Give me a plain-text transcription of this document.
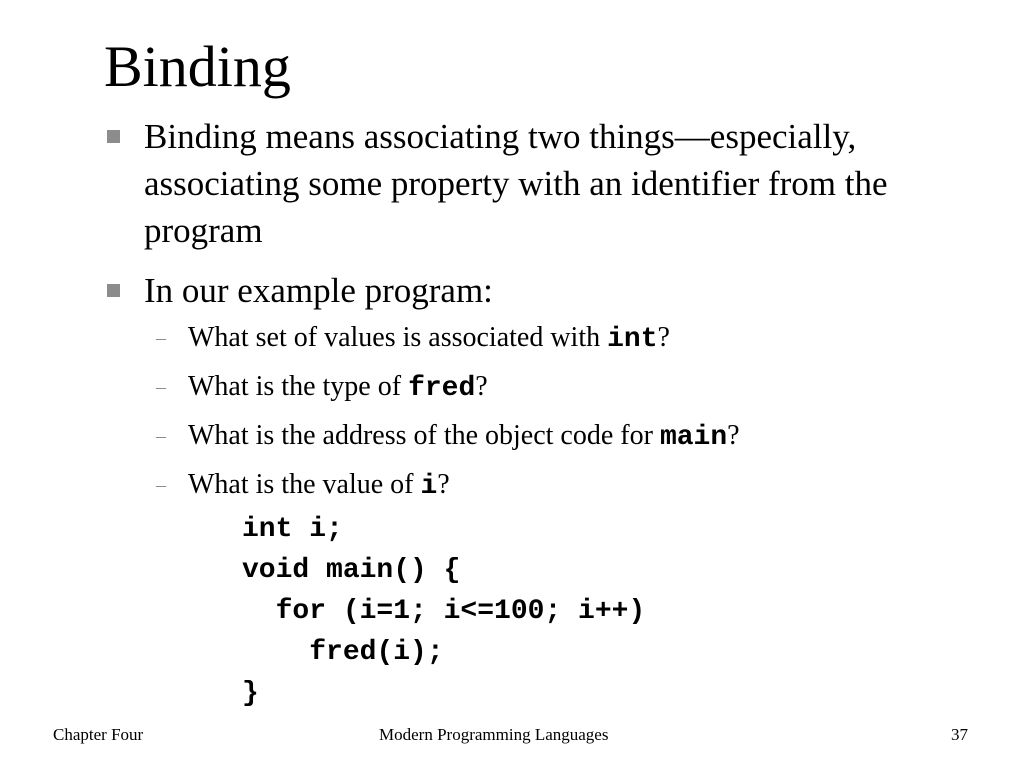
Binding
Binding means associating two things—especially, associating some property with an identifier from the program
In our example program:
– What set of values is associated with int?
– What is the type of fred?
– What is the address of the object code for main?
– What is the value of i?
int i;
void main() {
for (i=1; i<=100; i++)
fred(i);
}
Chapter Four	Modern Programming Languages	37
